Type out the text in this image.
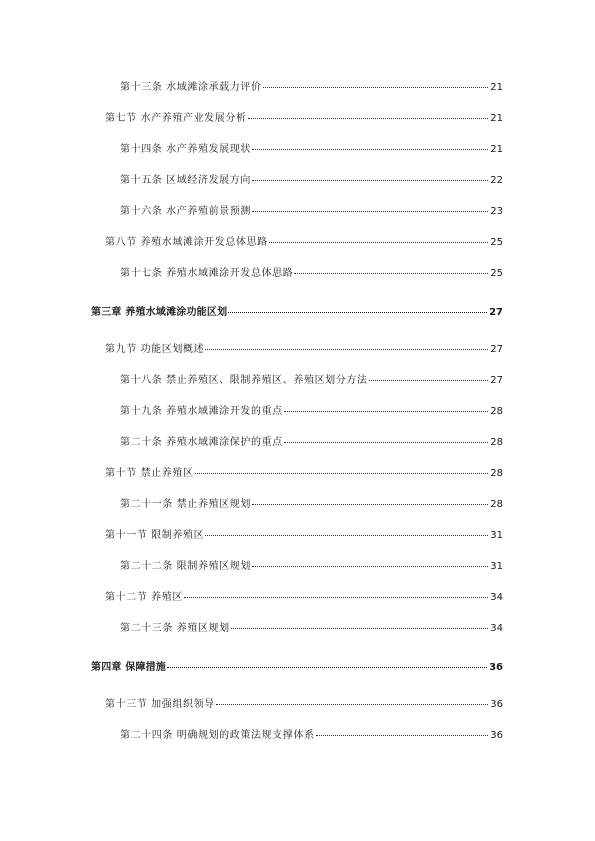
第十三条 水域滩涂承载力评价	21
第七节 水产养殖产业发展分析	21
第十四条 水产养殖发展现状	21
第十五条 区域经济发展方向	22
第十六条 水产养殖前景预测	23
第八节 养殖水域滩涂开发总体思路	25
第十七条 养殖水域滩涂开发总体思路	25
第三章 养殖水域滩涂功能区划	27
第九节 功能区划概述	27
第十八条 禁止养殖区、限制养殖区、养殖区划分方法	27
第十九条 养殖水域滩涂开发的重点	28
第二十条 养殖水域滩涂保护的重点	28
第十节 禁止养殖区	28
第二十一条 禁止养殖区规划	28
第十一节 限制养殖区	31
第二十二条 限制养殖区规划	31
第十二节 养殖区	34
第二十三条 养殖区规划	34
第四章 保障措施	36
第十三节 加强组织领导	36
第二十四条 明确规划的政策法规支撑体系	36
